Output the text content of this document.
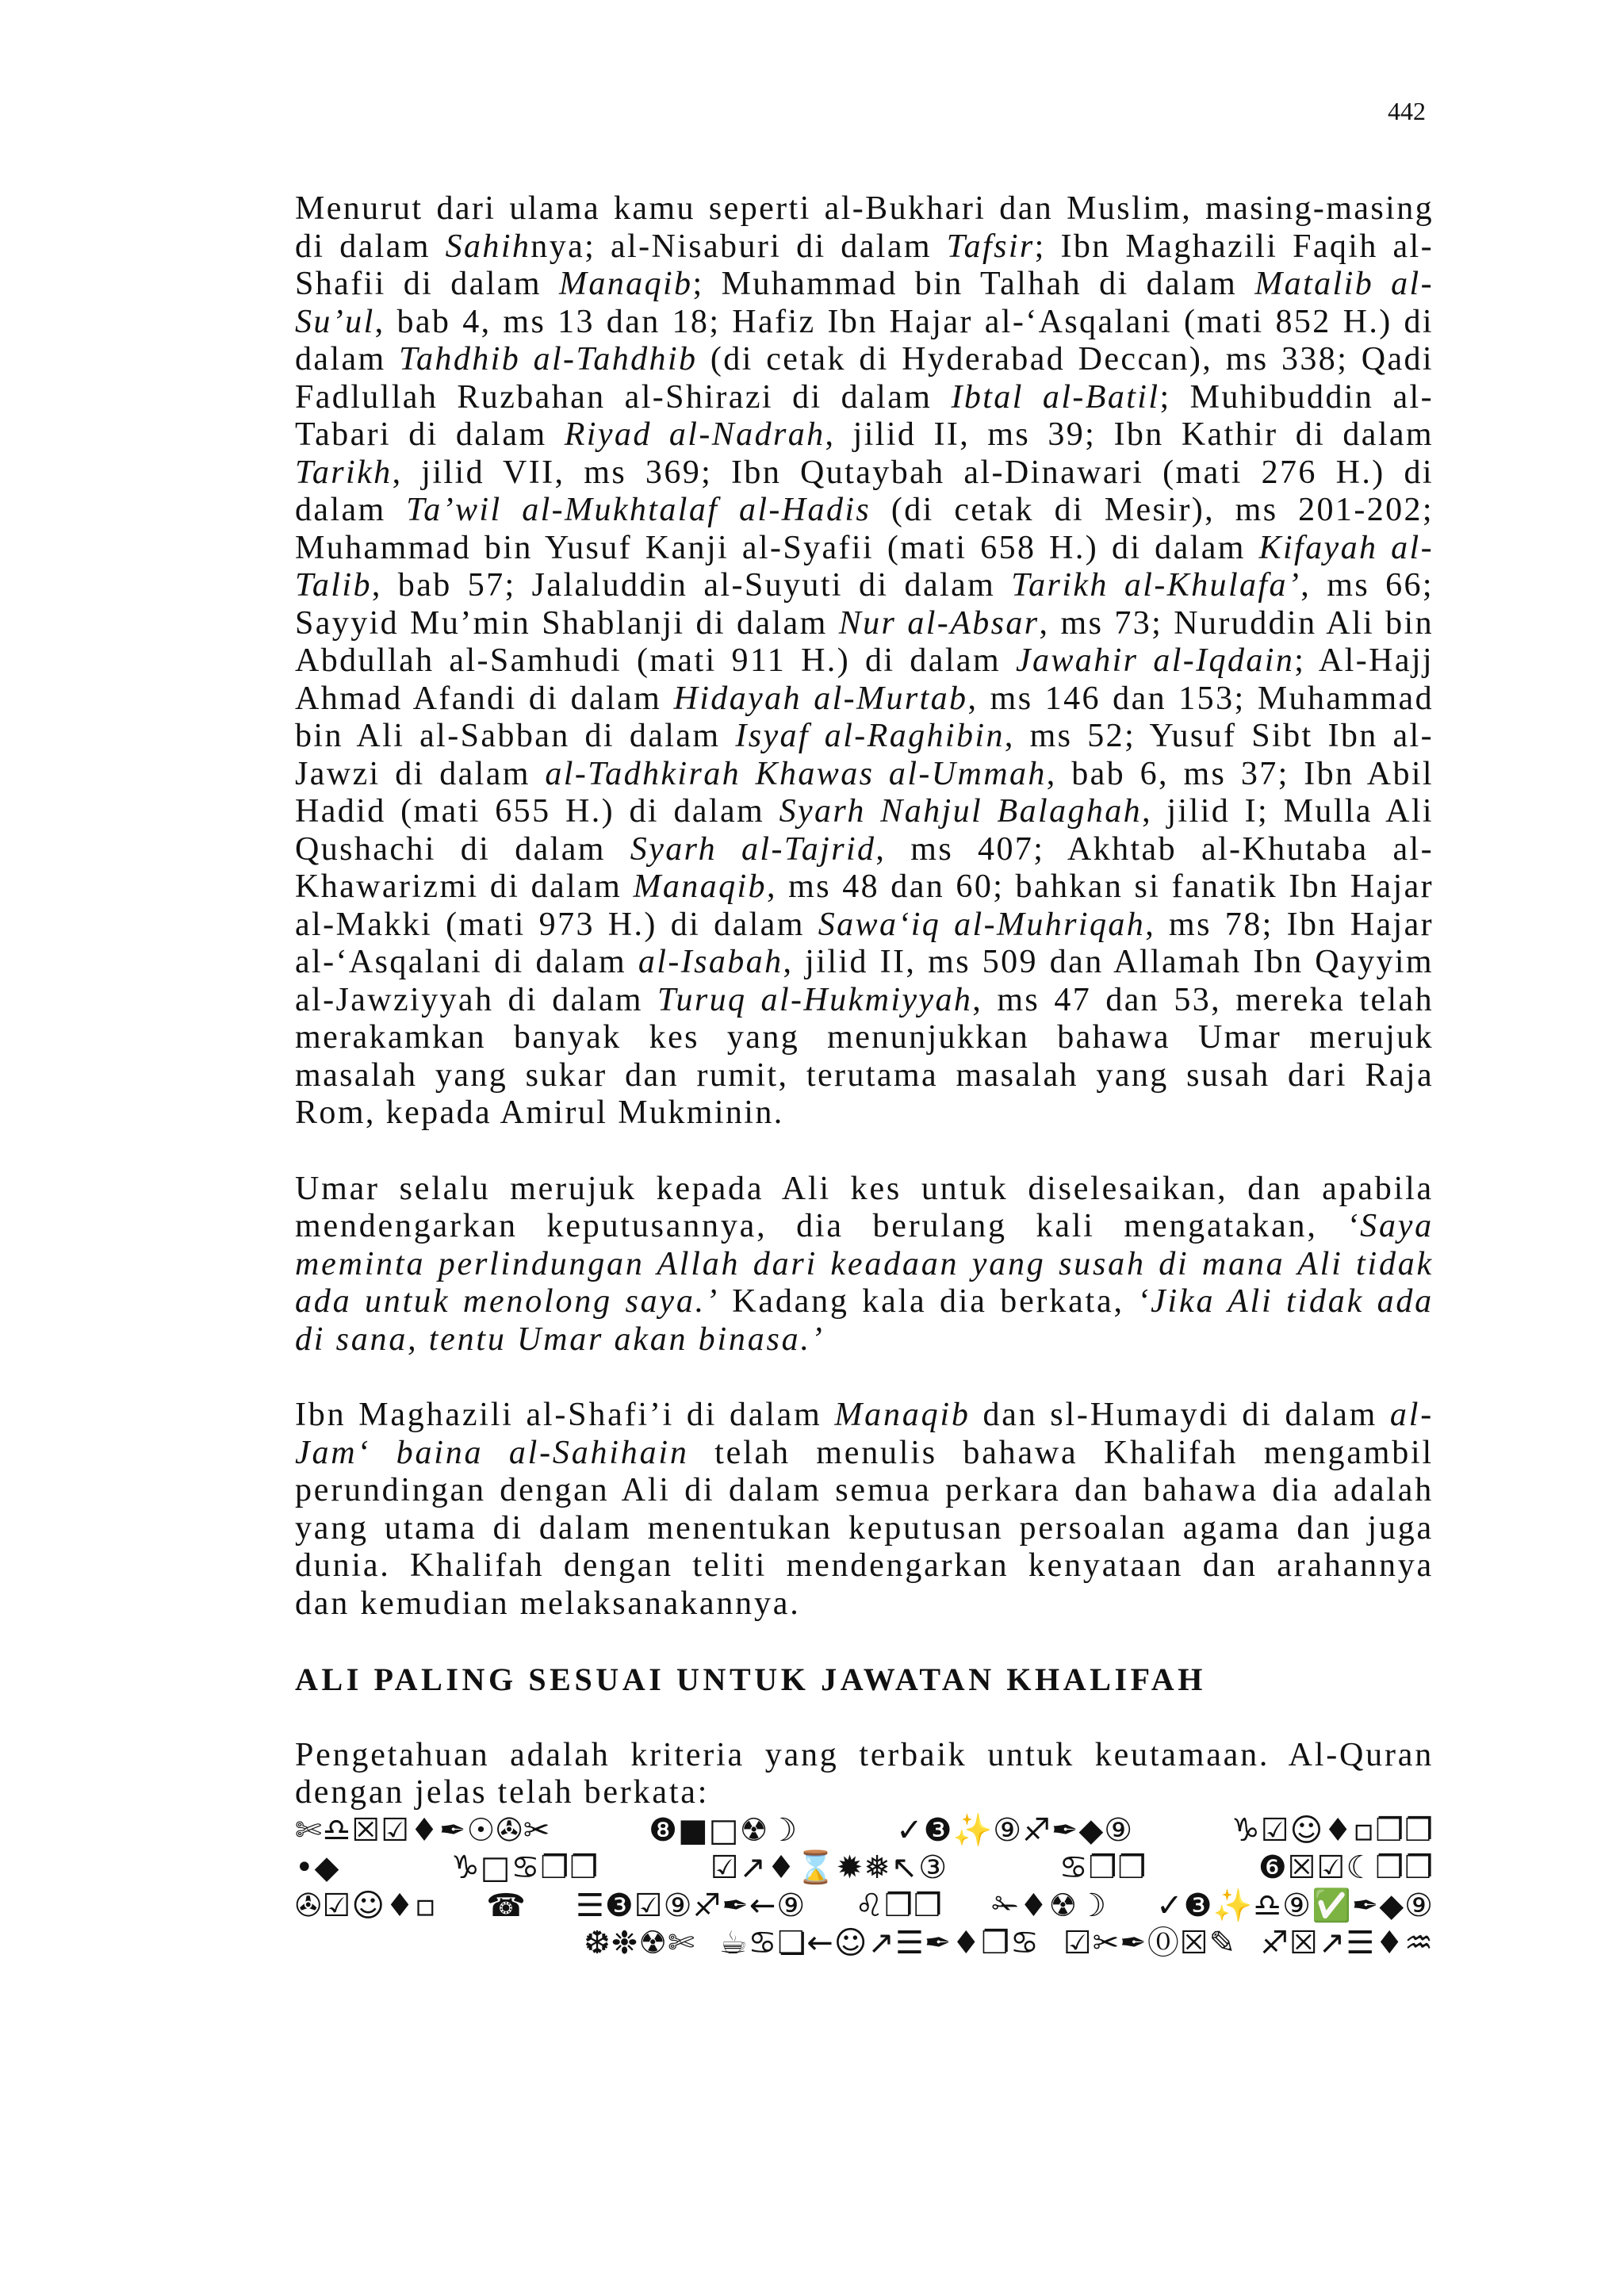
442

Menurut dari ulama kamu seperti al-Bukhari dan Muslim, masing-masing di dalam Sahihnya; al-Nisaburi di dalam Tafsir; Ibn Maghazili Faqih al-Shafii di dalam Manaqib; Muhammad bin Talhah di dalam Matalib al-Su’ul, bab 4, ms 13 dan 18; Hafiz Ibn Hajar al-‘Asqalani (mati 852 H.) di dalam Tahdhib al-Tahdhib (di cetak di Hyderabad Deccan), ms 338; Qadi Fadlullah Ruzbahan al-Shirazi di dalam Ibtal al-Batil; Muhibuddin al-Tabari di dalam Riyad al-Nadrah, jilid II, ms 39; Ibn Kathir di dalam Tarikh, jilid VII, ms 369; Ibn Qutaybah al-Dinawari (mati 276 H.) di dalam Ta’wil al-Mukhtalaf al-Hadis (di cetak di Mesir), ms 201-202; Muhammad bin Yusuf Kanji al-Syafii (mati 658 H.) di dalam Kifayah al-Talib, bab 57; Jalaluddin al-Suyuti di dalam Tarikh al-Khulafa’, ms 66; Sayyid Mu’min Shablanji di dalam Nur al-Absar, ms 73; Nuruddin Ali bin Abdullah al-Samhudi (mati 911 H.) di dalam Jawahir al-Iqdain; Al-Hajj Ahmad Afandi di dalam Hidayah al-Murtab, ms 146 dan 153; Muhammad bin Ali al-Sabban di dalam Isyaf al-Raghibin, ms 52; Yusuf Sibt Ibn al-Jawzi di dalam al-Tadhkirah Khawas al-Ummah, bab 6, ms 37; Ibn Abil Hadid (mati 655 H.) di dalam Syarh Nahjul Balaghah, jilid I; Mulla Ali Qushachi di dalam Syarh al-Tajrid, ms 407; Akhtab al-Khutaba al-Khawarizmi di dalam Manaqib, ms 48 dan 60; bahkan si fanatik Ibn Hajar al-Makki (mati 973 H.) di dalam Sawa‘iq al-Muhriqah, ms 78; Ibn Hajar al-‘Asqalani di dalam al-Isabah, jilid II, ms 509 dan Allamah Ibn Qayyim al-Jawziyyah di dalam Turuq al-Hukmiyyah, ms 47 dan 53, mereka telah merakamkan banyak kes yang menunjukkan bahawa Umar merujuk masalah yang sukar dan rumit, terutama masalah yang susah dari Raja Rom, kepada Amirul Mukminin.

Umar selalu merujuk kepada Ali kes untuk diselesaikan, dan apabila mendengarkan keputusannya, dia berulang kali mengatakan, ‘Saya meminta perlindungan Allah dari keadaan yang susah di mana Ali tidak ada untuk menolong saya.’ Kadang kala dia berkata, ‘Jika Ali tidak ada di sana, tentu Umar akan binasa.’

Ibn Maghazili al-Shafi’i di dalam Manaqib dan sl-Humaydi di dalam al-Jam‘ baina al-Sahihain telah menulis bahawa Khalifah mengambil perundingan dengan Ali di dalam semua perkara dan bahawa dia adalah yang utama di dalam menentukan keputusan persoalan agama dan juga dunia. Khalifah dengan teliti mendengarkan kenyataan dan arahannya dan kemudian melaksanakannya.

ALI PALING SESUAI UNTUK JAWATAN KHALIFAH

Pengetahuan adalah kriteria yang terbaik untuk keutamaan. Al-Quran dengan jelas telah berkata:

✄♎☒☑♦✒☉✇✂	❽■□☢☽	✓❸✨⑨♐✒◆⑨	♑☑☺♦▫❐❐
•◆	♑□♋❐❐	☑↗♦⌛✹❅↖③	♋❐❐	❻☒☑☾❐❐
✇☑☺♦▫ ☎ ☰❸☑⑨♐✒←⑨ ♌❐❐ ✁♦☢☽ ✓❸✨♎⑨✅✒◆⑨
❆❉☢✄ ☕♋❏←☺↗☰✒♦❐♋ ☑✂✒⓪☒✎ ♐☒↗☰♦♒
